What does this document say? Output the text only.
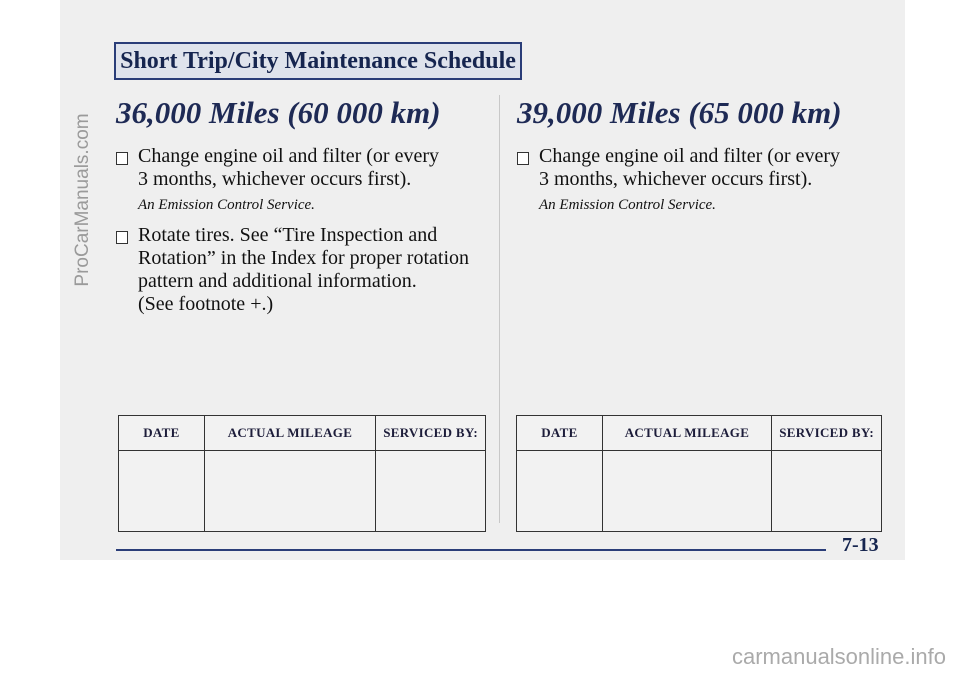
ProCarManuals.com
Short Trip/City Maintenance Schedule
36,000 Miles (60 000 km)
Change engine oil and filter (or every
3 months, whichever occurs first).
An Emission Control Service.
Rotate tires. See “Tire Inspection and
Rotation” in the Index for proper rotation
pattern and additional information.
(See footnote +.)
39,000 Miles (65 000 km)
Change engine oil and filter (or every
3 months, whichever occurs first).
An Emission Control Service.
DATE	ACTUAL MILEAGE	SERVICED BY:
			DATE	ACTUAL MILEAGE	SERVICED BY:

7-13
carmanualsonline.info
